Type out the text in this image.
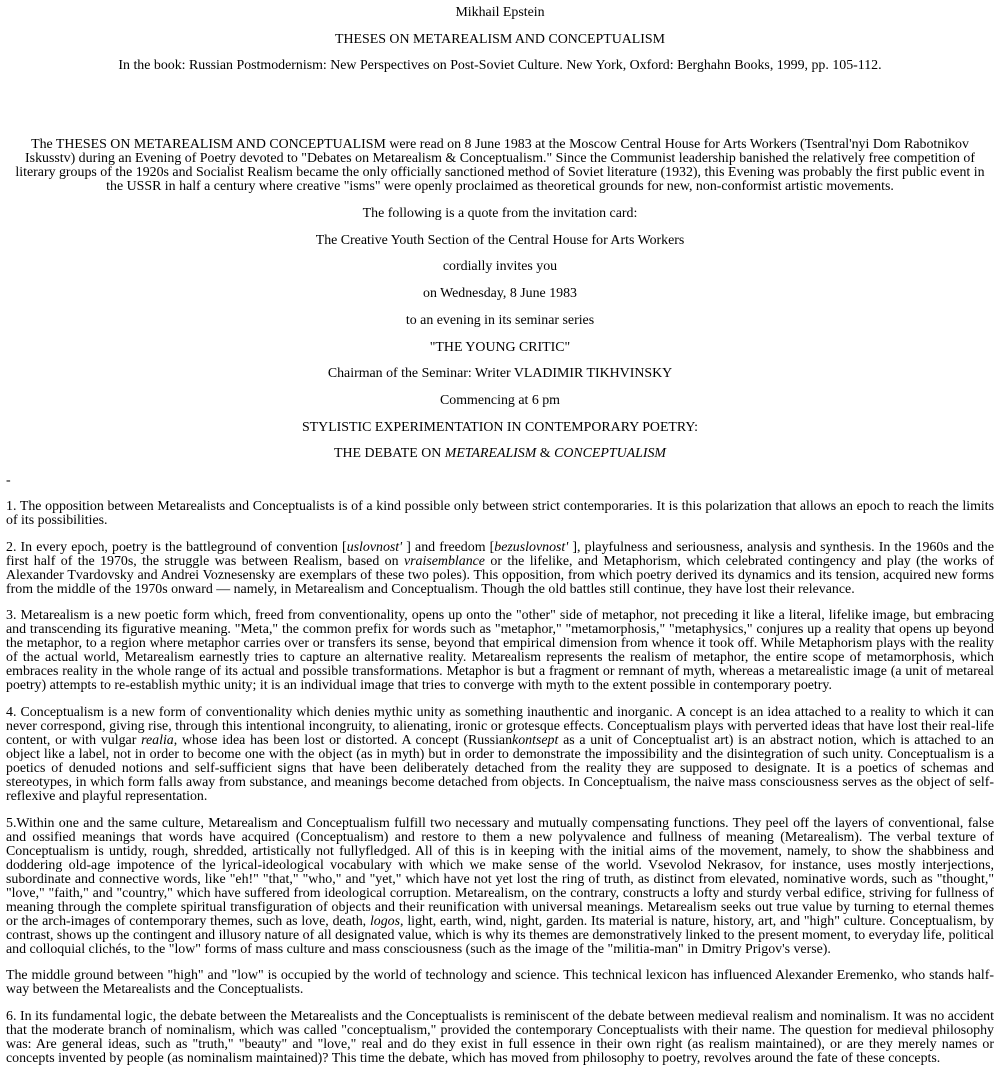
Mikhail Epstein

THESES ON METAREALISM AND CONCEPTUALISM

In the book: Russian Postmodernism: New Perspectives on Post-Soviet Culture. New York, Oxford: Berghahn Books, 1999, pp. 105-112.

The THESES ON METAREALISM AND CONCEPTUALISM were read on 8 June 1983 at the Moscow Central House for Arts Workers (Tsentral'nyi Dom Rabotnikov Iskusstv) during an Evening of Poetry devoted to "Debates on Metarealism & Conceptualism." Since the Communist leadership banished the relatively free competition of literary groups of the 1920s and Socialist Realism became the only officially sanctioned method of Soviet literature (1932), this Evening was probably the first public event in the USSR in half a century where creative "isms" were openly proclaimed as theoretical grounds for new, non-conformist artistic movements.

The following is a quote from the invitation card:

The Creative Youth Section of the Central House for Arts Workers

cordially invites you

on Wednesday, 8 June 1983

to an evening in its seminar series

"THE YOUNG CRITIC"

Chairman of the Seminar: Writer VLADIMIR TIKHVINSKY

Commencing at 6 pm

STYLISTIC EXPERIMENTATION IN CONTEMPORARY POETRY:

THE DEBATE ON METAREALISM & CONCEPTUALISM

-

1. The opposition between Metarealists and Conceptualists is of a kind possible only between strict contemporaries. It is this polarization that allows an epoch to reach the limits of its possibilities.

2. In every epoch, poetry is the battleground of convention [uslovnost' ] and freedom [bezuslovnost' ], playfulness and seriousness, analysis and synthesis. In the 1960s and the first half of the 1970s, the struggle was between Realism, based on vraisemblance or the lifelike, and Metaphorism, which celebrated contingency and play (the works of Alexander Tvardovsky and Andrei Voznesensky are exemplars of these two poles). This opposition, from which poetry derived its dynamics and its tension, acquired new forms from the middle of the 1970s onward — namely, in Metarealism and Conceptualism. Though the old battles still continue, they have lost their relevance.

3. Metarealism is a new poetic form which, freed from conventionality, opens up onto the "other" side of metaphor, not preceding it like a literal, lifelike image, but embracing and transcending its figurative meaning. "Meta," the common prefix for words such as "metaphor," "metamorphosis," "metaphysics," conjures up a reality that opens up beyond the metaphor, to a region where metaphor carries over or transfers its sense, beyond that empirical dimension from whence it took off. While Metaphorism plays with the reality of the actual world, Metarealism earnestly tries to capture an alternative reality. Metarealism represents the realism of metaphor, the entire scope of metamorphosis, which embraces reality in the whole range of its actual and possible transformations. Metaphor is but a fragment or remnant of myth, whereas a metarealistic image (a unit of metareal poetry) attempts to re-establish mythic unity; it is an individual image that tries to converge with myth to the extent possible in contemporary poetry.

4. Conceptualism is a new form of conventionality which denies mythic unity as something inauthentic and inorganic. A concept is an idea attached to a reality to which it can never correspond, giving rise, through this intentional incongruity, to alienating, ironic or grotesque effects. Conceptualism plays with perverted ideas that have lost their real-life content, or with vulgar realia, whose idea has been lost or distorted. A concept (Russiankontsept as a unit of Conceptualist art) is an abstract notion, which is attached to an object like a label, not in order to become one with the object (as in myth) but in order to demonstrate the impossibility and the disintegration of such unity. Conceptualism is a poetics of denuded notions and self-sufficient signs that have been deliberately detached from the reality they are supposed to designate. It is a poetics of schemas and stereotypes, in which form falls away from substance, and meanings become detached from objects. In Conceptualism, the naive mass consciousness serves as the object of self-reflexive and playful representation.

5.Within one and the same culture, Metarealism and Conceptualism fulfill two necessary and mutually compensating functions. They peel off the layers of conventional, false and ossified meanings that words have acquired (Conceptualism) and restore to them a new polyvalence and fullness of meaning (Metarealism). The verbal texture of Conceptualism is untidy, rough, shredded, artistically not fullyfledged. All of this is in keeping with the initial aims of the movement, namely, to show the shabbiness and doddering old-age impotence of the lyrical-ideological vocabulary with which we make sense of the world. Vsevolod Nekrasov, for instance, uses mostly interjections, subordinate and connective words, like "eh!" "that," "who," and "yet," which have not yet lost the ring of truth, as distinct from elevated, nominative words, such as "thought," "love," "faith," and "country," which have suffered from ideological corruption. Metarealism, on the contrary, constructs a lofty and sturdy verbal edifice, striving for fullness of meaning through the complete spiritual transfiguration of objects and their reunification with universal meanings. Metarealism seeks out true value by turning to eternal themes or the arch-images of contemporary themes, such as love, death, logos, light, earth, wind, night, garden. Its material is nature, history, art, and "high" culture. Conceptualism, by contrast, shows up the contingent and illusory nature of all designated value, which is why its themes are demonstratively linked to the present moment, to everyday life, political and colloquial clichés, to the "low" forms of mass culture and mass consciousness (such as the image of the "militia-man" in Dmitry Prigov's verse).

The middle ground between "high" and "low" is occupied by the world of technology and science. This technical lexicon has influenced Alexander Eremenko, who stands half-way between the Metarealists and the Conceptualists.

6. In its fundamental logic, the debate between the Metarealists and the Conceptualists is reminiscent of the debate between medieval realism and nominalism. It was no accident that the moderate branch of nominalism, which was called "conceptualism," provided the contemporary Conceptualists with their name. The question for medieval philosophy was: Are general ideas, such as "truth," "beauty" and "love," real and do they exist in full essence in their own right (as realism maintained), or are they merely names or concepts invented by people (as nominalism maintained)? This time the debate, which has moved from philosophy to poetry, revolves around the fate of these concepts.
